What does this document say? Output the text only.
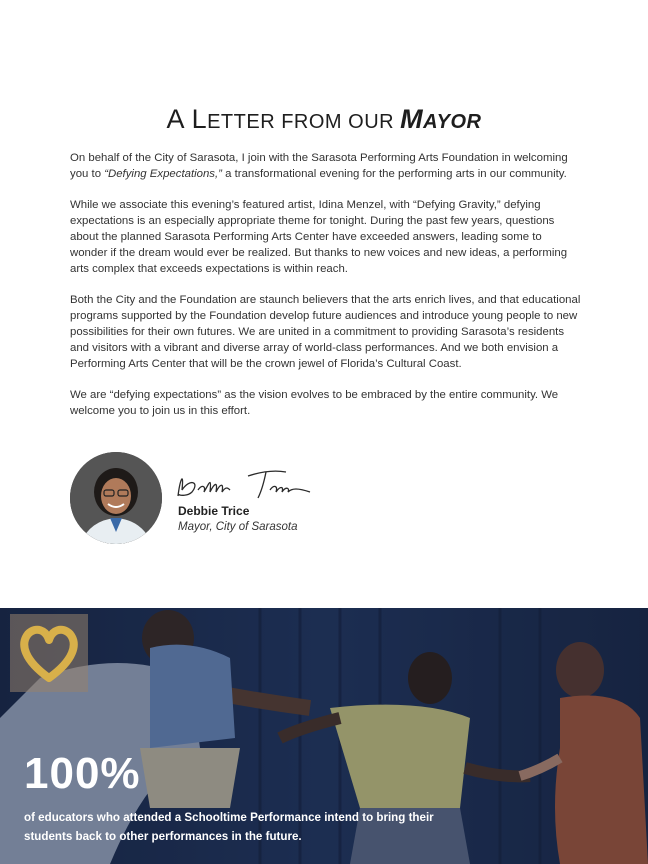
A LETTER FROM OUR MAYOR

On behalf of the City of Sarasota, I join with the Sarasota Performing Arts Foundation in welcoming you to “Defying Expectations,” a transformational evening for the performing arts in our community.

While we associate this evening’s featured artist, Idina Menzel, with “Defying Gravity,” defying expectations is an especially appropriate theme for tonight. During the past few years, questions about the planned Sarasota Performing Arts Center have exceeded answers, leading some to wonder if the dream would ever be realized. But thanks to new voices and new ideas, a performing arts complex that exceeds expectations is within reach.

Both the City and the Foundation are staunch believers that the arts enrich lives, and that educational programs supported by the Foundation develop future audiences and introduce young people to new possibilities for their own futures. We are united in a commitment to providing Sarasota’s residents and visitors with a vibrant and diverse array of world-class performances. And we both envision a Performing Arts Center that will be the crown jewel of Florida’s Cultural Coast.

We are “defying expectations” as the vision evolves to be embraced by the entire community. We welcome you to join us in this effort.

Debbie Trice
Mayor, City of Sarasota
100%
of educators who attended a Schooltime Performance intend to bring their students back to other performances in the future.
